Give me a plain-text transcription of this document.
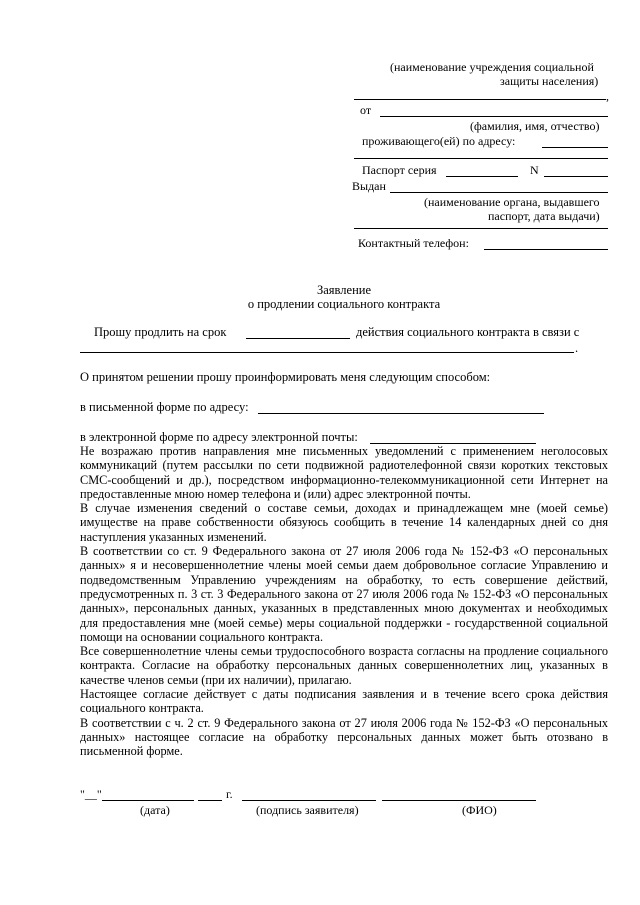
(наименование учреждения социальной
защиты населения)
,
от
(фамилия, имя, отчество)
проживающего(ей) по адресу:
Паспорт серия	N
Выдан
(наименование органа, выдавшего
паспорт, дата выдачи)
Контактный телефон:
Заявление
о продлении социального контракта
Прошу продлить на срок	действия социального контракта в связи с
.
О принятом решении прошу проинформировать меня следующим способом:
в письменной форме по адресу:
в электронной форме по адресу электронной почты:

Не возражаю против направления мне письменных уведомлений с применением неголосовых коммуникаций (путем рассылки по сети подвижной радиотелефонной связи коротких текстовых СМС-сообщений и др.), посредством информационно-телекоммуникационной сети Интернет на предоставленные мною номер телефона и (или) адрес электронной почты.

В случае изменения сведений о составе семьи, доходах и принадлежащем мне (моей семье) имуществе на праве собственности обязуюсь сообщить в течение 14 календарных дней со дня наступления указанных изменений.

В соответствии со ст. 9 Федерального закона от 27 июля 2006 года № 152-ФЗ «О персональных данных» я и несовершеннолетние члены моей семьи даем добровольное согласие Управлению и подведомственным Управлению учреждениям на обработку, то есть совершение действий, предусмотренных п. 3 ст. 3 Федерального закона от 27 июля 2006 года № 152-ФЗ «О персональных данных», персональных данных, указанных в представленных мною документах и необходимых для предоставления мне (моей семье) меры социальной поддержки - государственной социальной помощи на основании социального контракта.

Все совершеннолетние члены семьи трудоспособного возраста согласны на продление социального контракта. Согласие на обработку персональных данных совершеннолетних лиц, указанных в качестве членов семьи (при их наличии), прилагаю.

Настоящее согласие действует с даты подписания заявления и в течение всего срока действия социального контракта.

В соответствии с ч. 2 ст. 9 Федерального закона от 27 июля 2006 года № 152-ФЗ «О персональных данных» настоящее согласие на обработку персональных данных может быть отозвано в письменной форме.

"__"	г.
(дата)	(подпись заявителя)	(ФИО)
